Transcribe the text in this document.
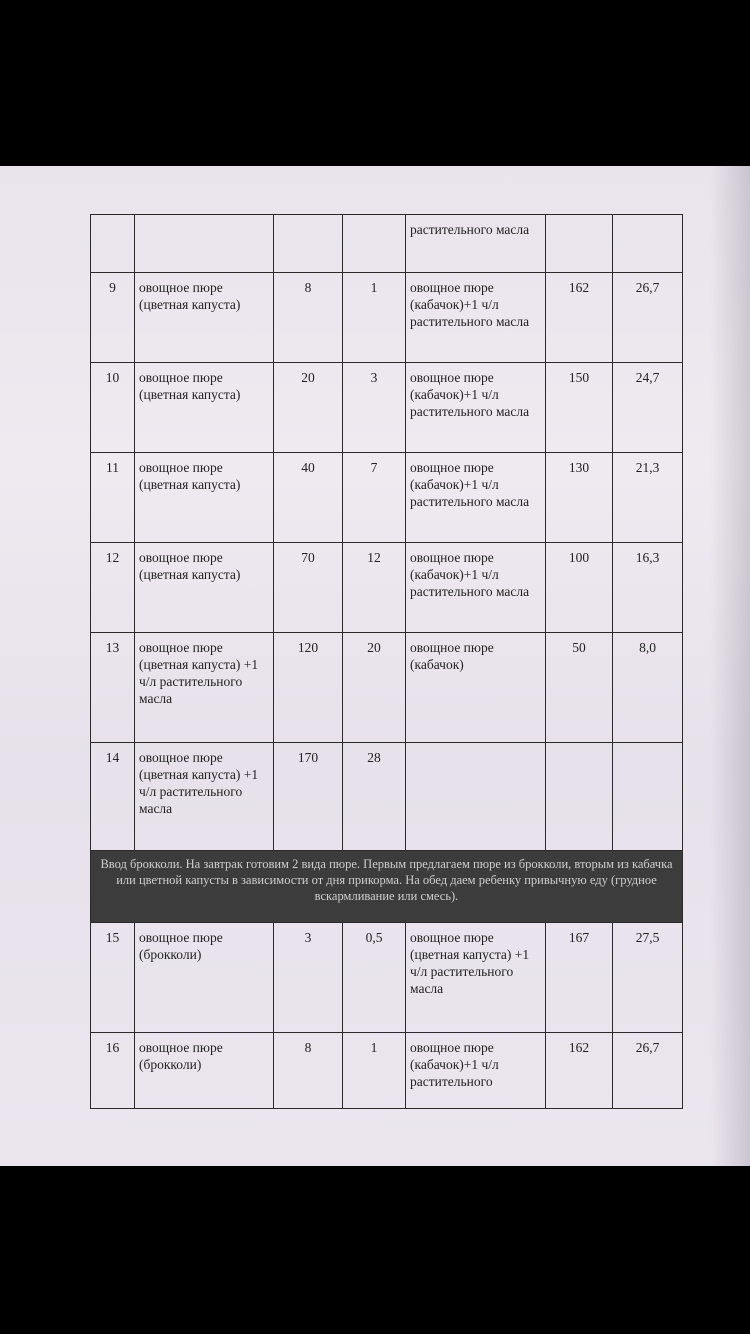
				растительного масла		
9	овощное пюре (цветная капуста)	8	1	овощное пюре (кабачок)+1 ч/л растительного масла	162	26,7
10	овощное пюре (цветная капуста)	20	3	овощное пюре (кабачок)+1 ч/л растительного масла	150	24,7
11	овощное пюре (цветная капуста)	40	7	овощное пюре (кабачок)+1 ч/л растительного масла	130	21,3
12	овощное пюре (цветная капуста)	70	12	овощное пюре (кабачок)+1 ч/л растительного масла	100	16,3
13	овощное пюре (цветная капуста) +1 ч/л растительного масла	120	20	овощное пюре (кабачок)	50	8,0
14	овощное пюре (цветная капуста) +1 ч/л растительного масла	170	28			
Ввод брокколи. На завтрак готовим 2 вида пюре. Первым предлагаем пюре из брокколи, вторым из кабачка или цветной капусты в зависимости от дня прикорма. На обед даем ребенку привычную еду (грудное вскармливание или смесь).						
15	овощное пюре (брокколи)	3	0,5	овощное пюре (цветная капуста) +1 ч/л растительного масла	167	27,5
16	овощное пюре (брокколи)	8	1	овощное пюре (кабачок)+1 ч/л растительного	162	26,7
